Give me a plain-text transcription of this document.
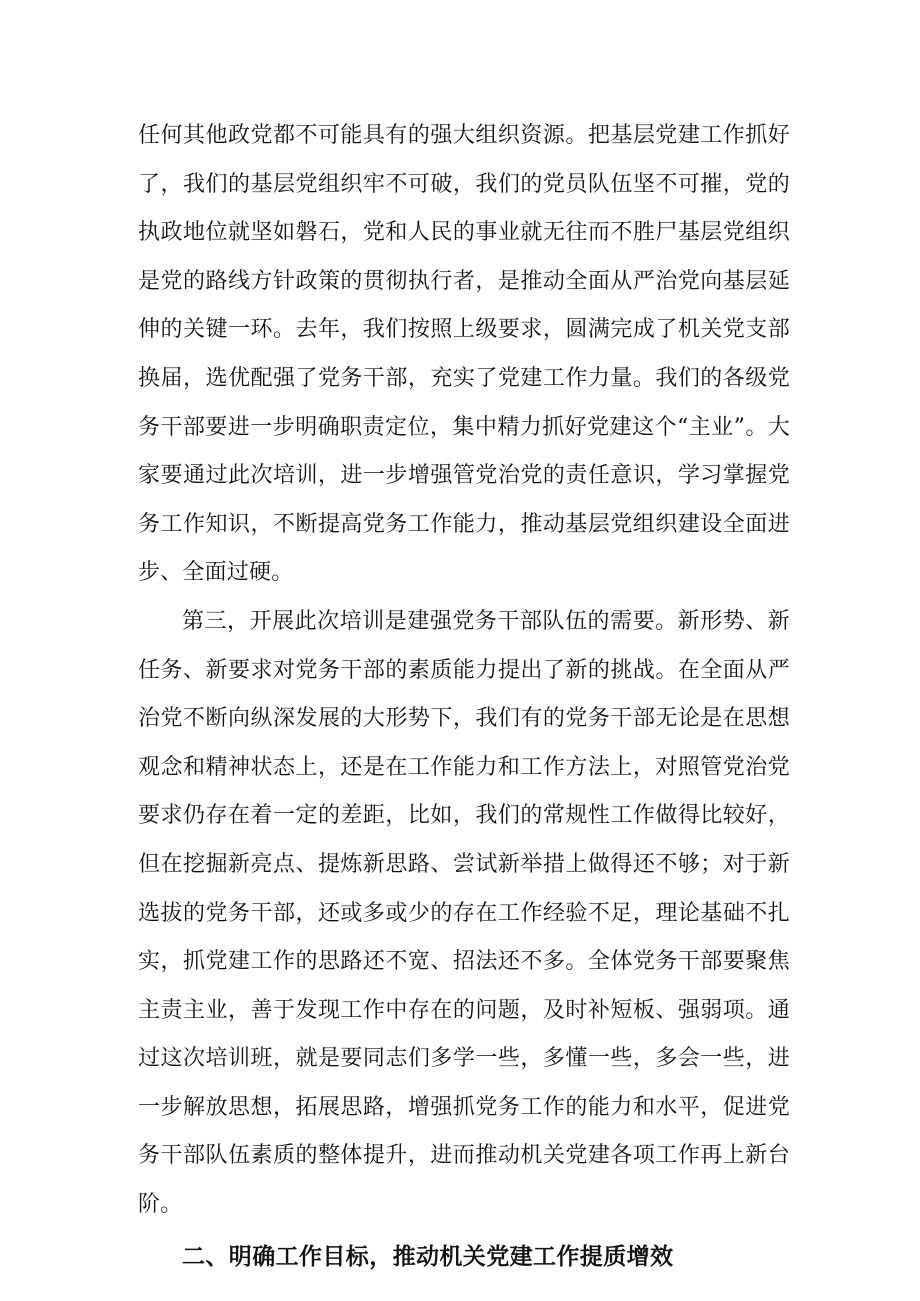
任何其他政党都不可能具有的强大组织资源。把基层党建工作抓好了，我们的基层党组织牢不可破，我们的党员队伍坚不可摧，党的执政地位就坚如磐石，党和人民的事业就无往而不胜尸基层党组织是党的路线方针政策的贯彻执行者，是推动全面从严治党向基层延伸的关键一环。去年，我们按照上级要求，圆满完成了机关党支部换届，选优配强了党务干部，充实了党建工作力量。我们的各级党务干部要进一步明确职责定位，集中精力抓好党建这个“主业”。大家要通过此次培训，进一步增强管党治党的责任意识，学习掌握党务工作知识，不断提高党务工作能力，推动基层党组织建设全面进步、全面过硬。

第三，开展此次培训是建强党务干部队伍的需要。新形势、新任务、新要求对党务干部的素质能力提出了新的挑战。在全面从严治党不断向纵深发展的大形势下，我们有的党务干部无论是在思想观念和精神状态上，还是在工作能力和工作方法上，对照管党治党要求仍存在着一定的差距，比如，我们的常规性工作做得比较好，但在挖掘新亮点、提炼新思路、尝试新举措上做得还不够；对于新选拔的党务干部，还或多或少的存在工作经验不足，理论基础不扎实，抓党建工作的思路还不宽、招法还不多。全体党务干部要聚焦主责主业，善于发现工作中存在的问题，及时补短板、强弱项。通过这次培训班，就是要同志们多学一些，多懂一些，多会一些，进一步解放思想，拓展思路，增强抓党务工作的能力和水平，促进党务干部队伍素质的整体提升，进而推动机关党建各项工作再上新台阶。

二、明确工作目标，推动机关党建工作提质增效
